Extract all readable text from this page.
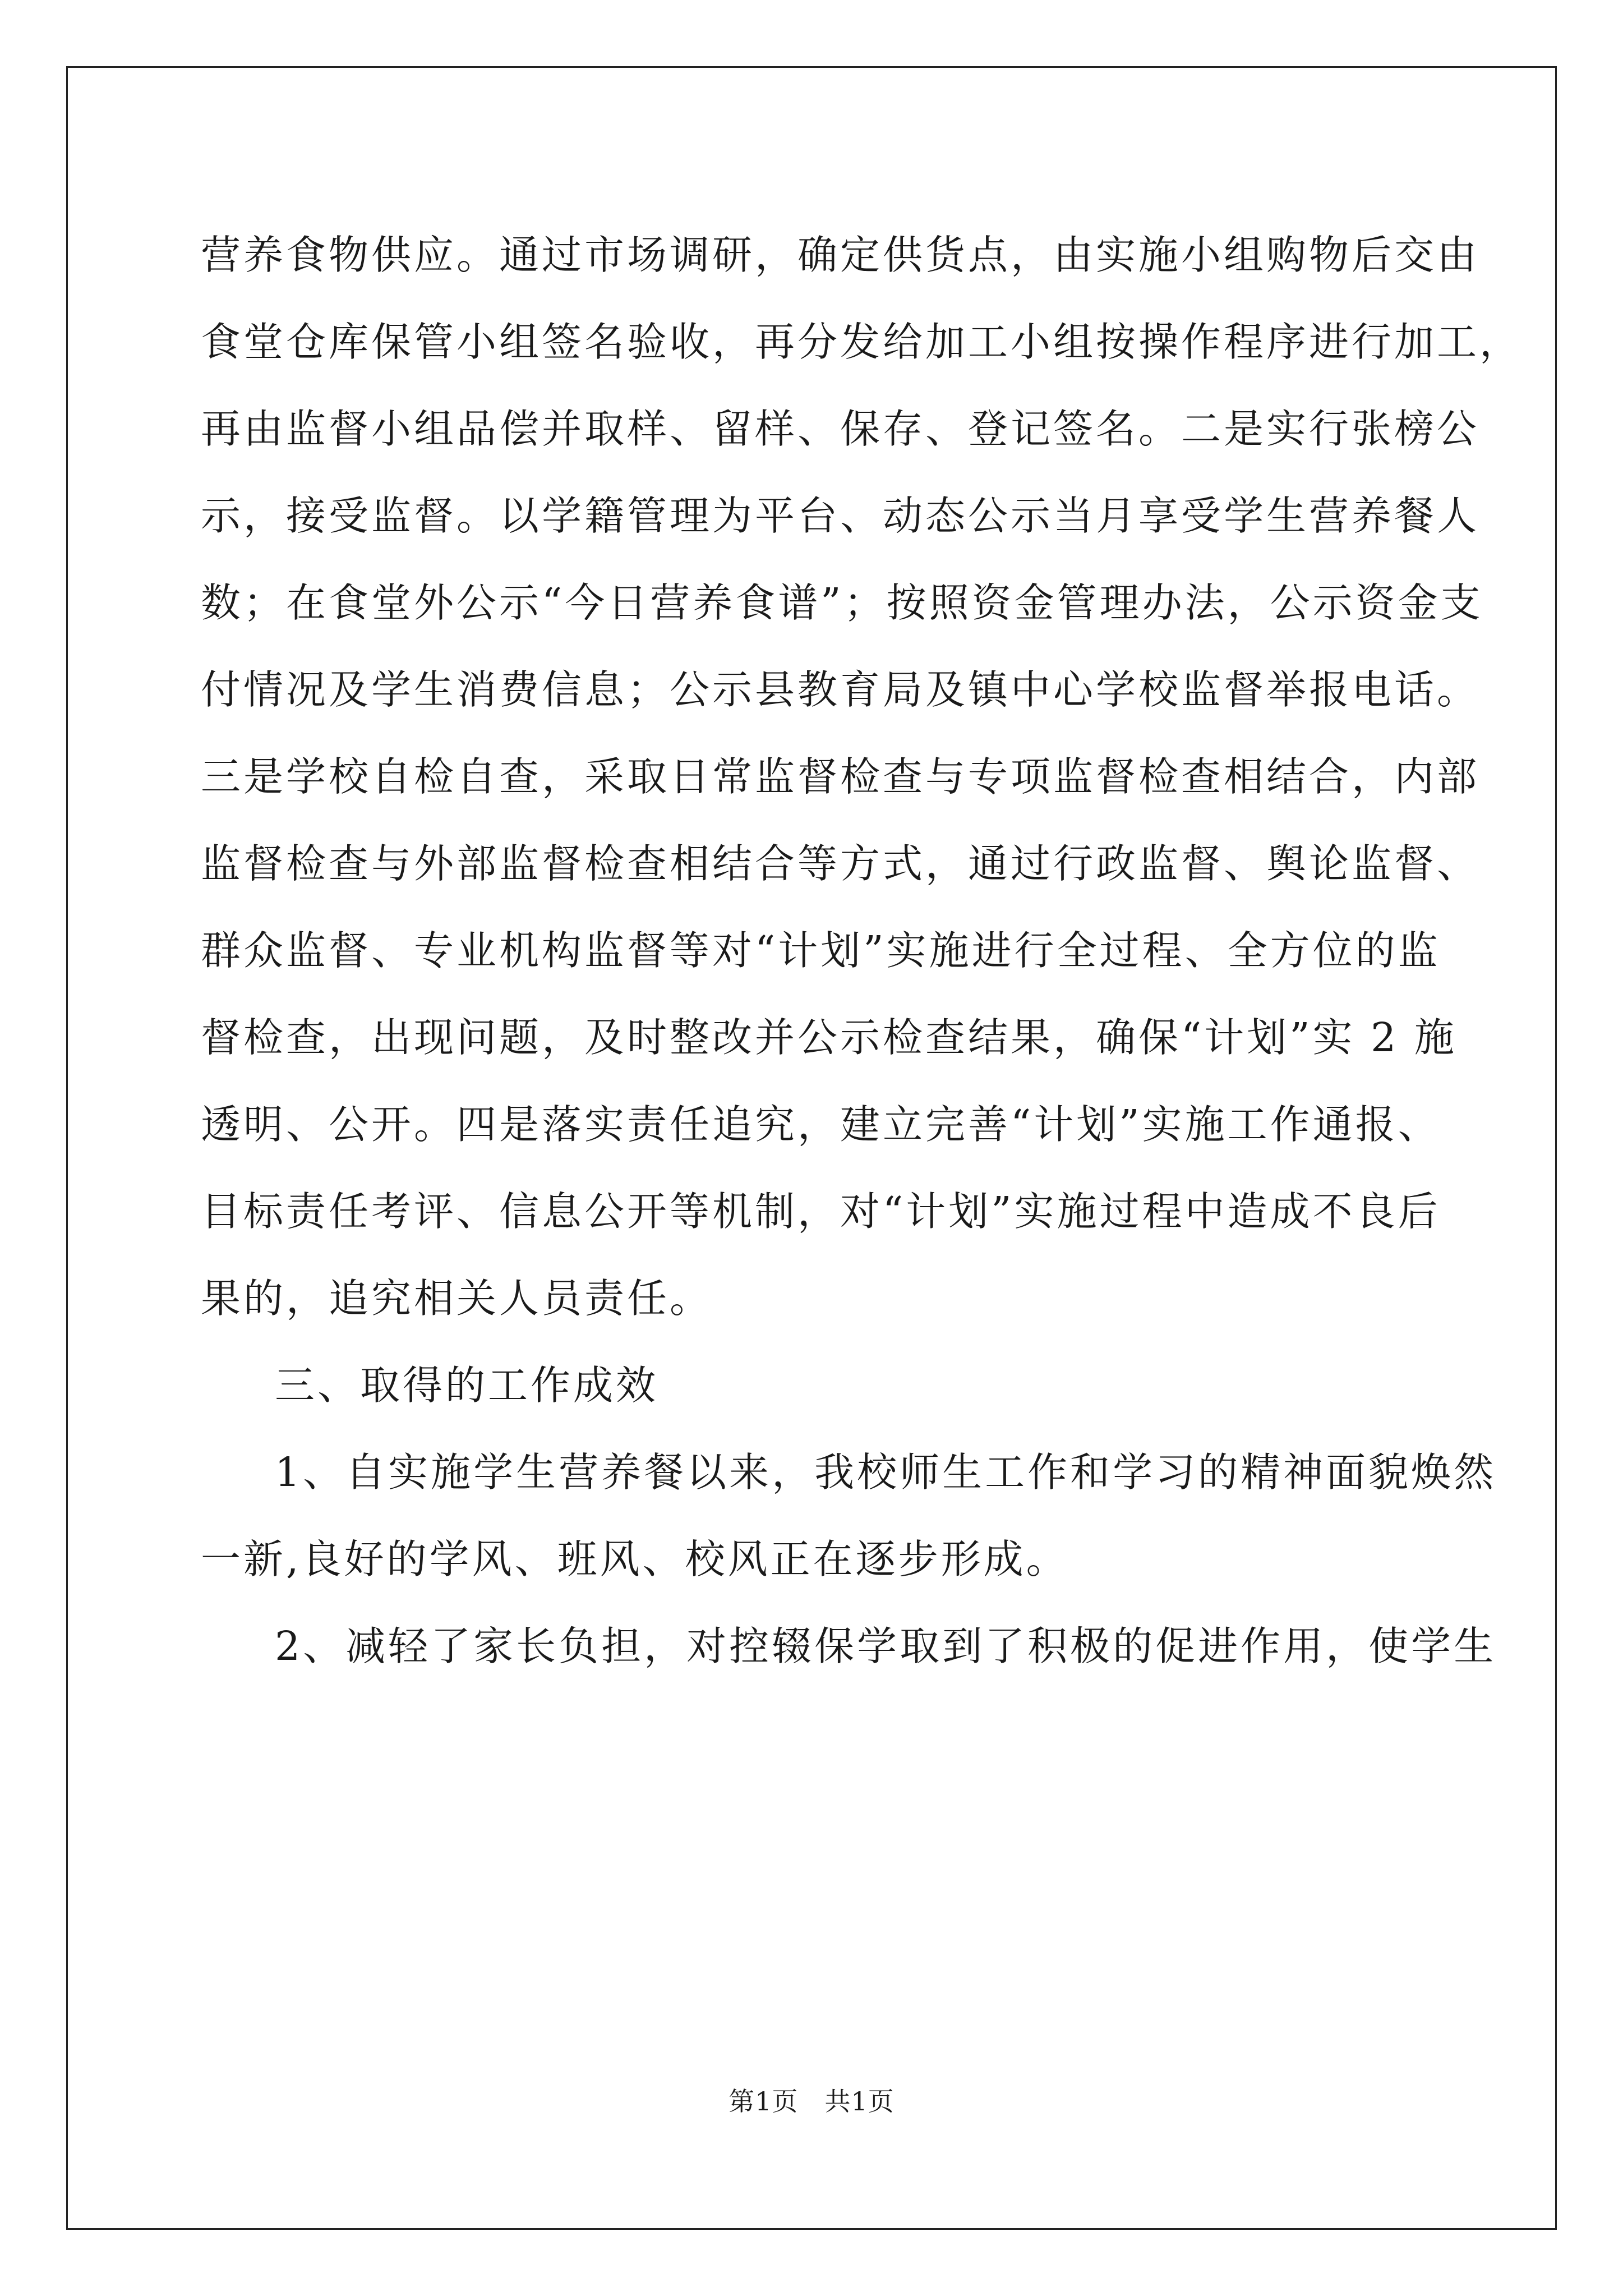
营养食物供应。通过市场调研，确定供货点，由实施小组购物后交由
食堂仓库保管小组签名验收，再分发给加工小组按操作程序进行加工，
再由监督小组品偿并取样、留样、保存、登记签名。二是实行张榜公
示，接受监督。以学籍管理为平台、动态公示当月享受学生营养餐人
数；在食堂外公示“今日营养食谱”；按照资金管理办法，公示资金支
付情况及学生消费信息；公示县教育局及镇中心学校监督举报电话。
三是学校自检自查，采取日常监督检查与专项监督检查相结合，内部
监督检查与外部监督检查相结合等方式，通过行政监督、舆论监督、
群众监督、专业机构监督等对“计划”实施进行全过程、全方位的监
督检查，出现问题，及时整改并公示检查结果，确保“计划”实 2 施
透明、公开。四是落实责任追究，建立完善“计划”实施工作通报、
目标责任考评、信息公开等机制，对“计划”实施过程中造成不良后
果的，追究相关人员责任。
三、取得的工作成效
1、自实施学生营养餐以来，我校师生工作和学习的精神面貌焕然
一新,良好的学风、班风、校风正在逐步形成。
2、减轻了家长负担，对控辍保学取到了积极的促进作用，使学生
第1页　共1页
